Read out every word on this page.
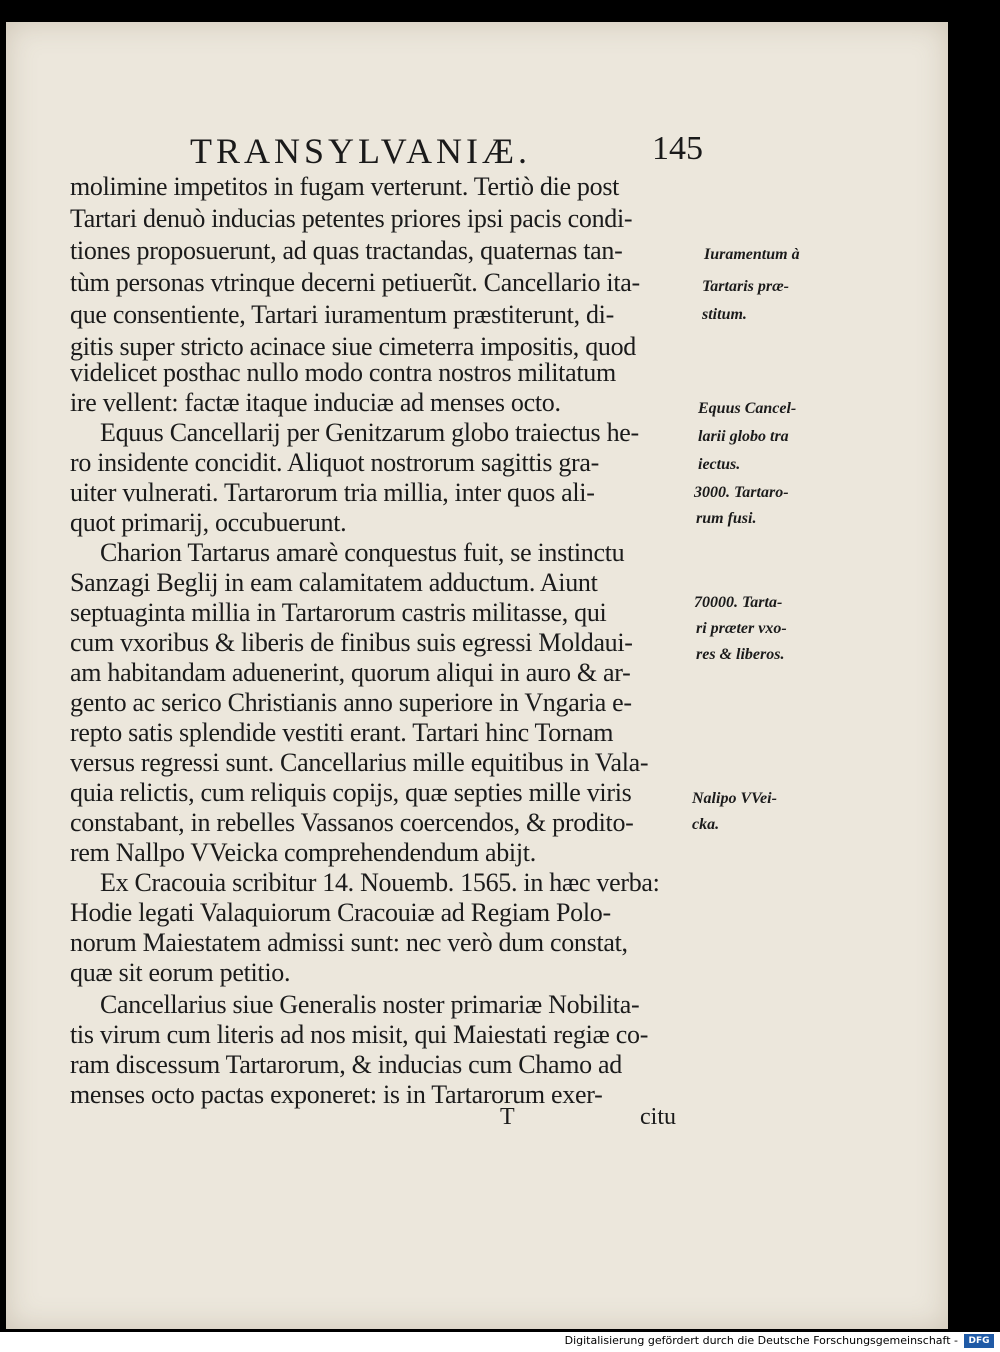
TRANSYLVANIÆ.	145
molimine impetitos in fugam verterunt. Tertiò die post
Tartari denuò inducias petentes priores ipsi pacis condi-
tiones proposuerunt, ad quas tractandas, quaternas tan-
tùm personas vtrinque decerni petiuerũt. Cancellario ita-
que consentiente, Tartari iuramentum præstiterunt, di-
gitis super stricto acinace siue cimeterra impositis, quod
videlicet posthac nullo modo contra nostros militatum
ire vellent: factæ itaque induciæ ad menses octo.
Equus Cancellarij per Genitzarum globo traiectus he-
ro insidente concidit. Aliquot nostrorum sagittis gra-
uiter vulnerati. Tartarorum tria millia, inter quos ali-
quot primarij, occubuerunt.
Charion Tartarus amarè conquestus fuit, se instinctu
Sanzagi Beglij in eam calamitatem adductum. Aiunt
septuaginta millia in Tartarorum castris militasse, qui
cum vxoribus & liberis de finibus suis egressi Moldaui-
am habitandam aduenerint, quorum aliqui in auro & ar-
gento ac serico Christianis anno superiore in Vngaria e-
repto satis splendide vestiti erant. Tartari hinc Tornam
versus regressi sunt. Cancellarius mille equitibus in Vala-
quia relictis, cum reliquis copijs, quæ septies mille viris
constabant, in rebelles Vassanos coercendos, & prodito-
rem Nallpo VVeicka comprehendendum abijt.
Ex Cracouia scribitur 14. Nouemb. 1565. in hæc verba:
Hodie legati Valaquiorum Cracouiæ ad Regiam Polo-
norum Maiestatem admissi sunt: nec verò dum constat,
quæ sit eorum petitio.
Cancellarius siue Generalis noster primariæ Nobilita-
tis virum cum literis ad nos misit, qui Maiestati regiæ co-
ram discessum Tartarorum, & inducias cum Chamo ad
menses octo pactas exponeret: is in Tartarorum exer-
T	citu
Iuramentum à
Tartaris præ-
stitum.
Equus Cancel-
larii globo tra
iectus.
3000. Tartaro-
rum fusi.
70000. Tarta-
ri præter vxo-
res & liberos.
Nalipo VVei-
cka.
Digitalisierung gefördert durch die Deutsche Forschungsgemeinschaft -	DFG
